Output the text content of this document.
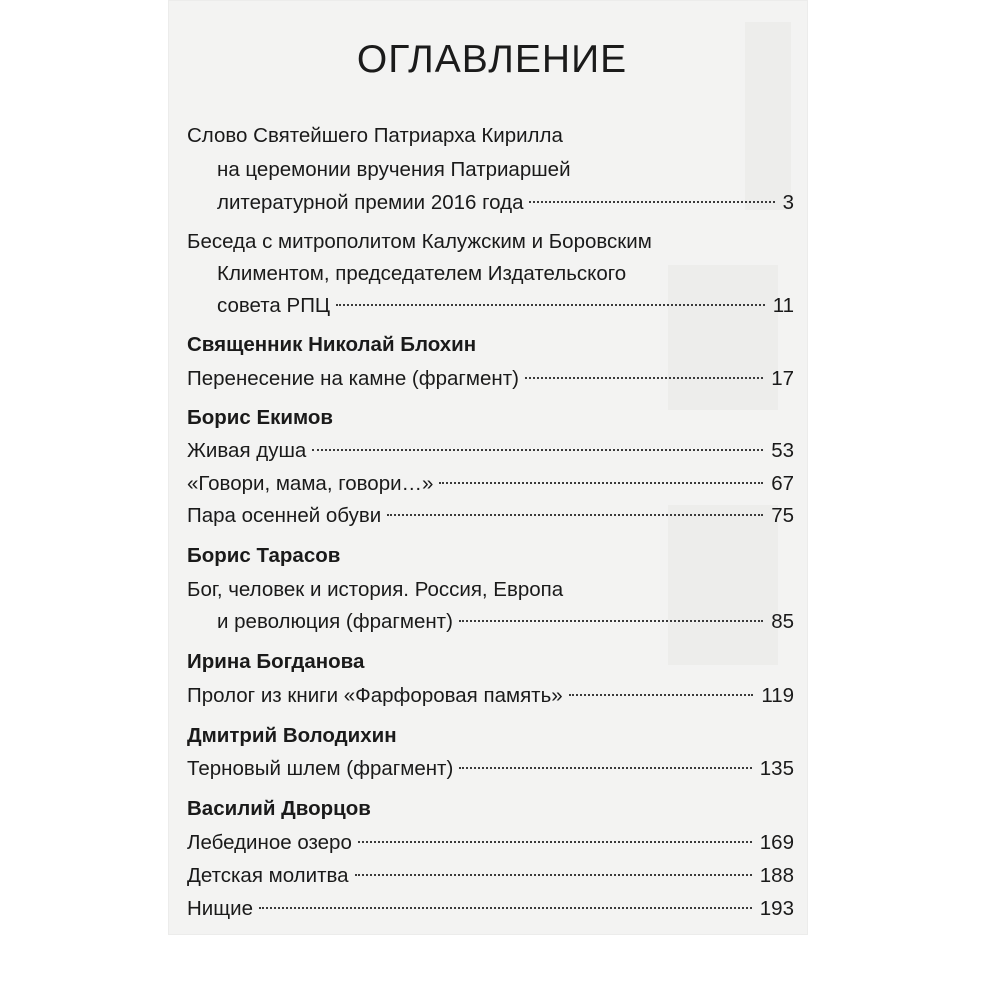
ОГЛАВЛЕНИЕ
Слово Святейшего Патриарха Кирилла
на церемонии вручения Патриаршей
литературной премии 2016 года	3
Беседа с митрополитом Калужским и Боровским
Климентом, председателем Издательского
совета РПЦ	11
Священник Николай Блохин
Перенесение на камне (фрагмент)	17
Борис Екимов
Живая душа	53
«Говори, мама, говори…»	67
Пара осенней обуви	75
Борис Тарасов
Бог, человек и история. Россия, Европа
и революция (фрагмент)	85
Ирина Богданова
Пролог из книги «Фарфоровая память»	119
Дмитрий Володихин
Терновый шлем (фрагмент)	135
Василий Дворцов
Лебединое озеро	169
Детская молитва	188
Нищие	193
